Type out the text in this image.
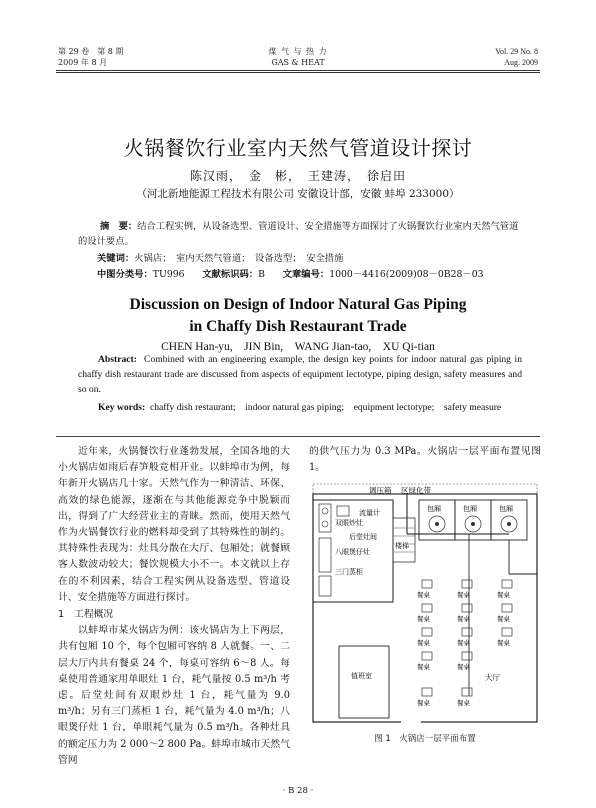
第 29 卷　第 8 期
2009 年 8 月
煤 气 与 热 力
GAS & HEAT
Vol. 29 No. 8
Aug. 2009
火锅餐饮行业室内天然气管道设计探讨
陈汉雨，　金　彬，　王建涛，　徐启田
（河北新地能源工程技术有限公司 安徽设计部，安徽 蚌埠 233000）
摘　要：结合工程实例，从设备选型、管道设计、安全措施等方面探讨了火锅餐饮行业室内天然气管道的设计要点。
关键词：火锅店；　室内天然气管道；　设备选型；　安全措施
中图分类号：TU996 文献标识码：B 文章编号：1000－4416(2009)08－0B28－03
Discussion on Design of Indoor Natural Gas Piping
in Chaffy Dish Restaurant Trade
CHEN Han-yu,　JIN Bin,　WANG Jian-tao,　XU Qi-tian
Abstract: Combined with an engineering example, the design key points for indoor natural gas piping in chaffy dish restaurant trade are discussed from aspects of equipment lectotype, piping design, safety measures and so on.
Key words: chaffy dish restaurant;　indoor natural gas piping;　equipment lectotype;　safety measure

近年来，火锅餐饮行业蓬勃发展，全国各地的大小火锅店如雨后春笋般竞相开业。以蚌埠市为例，每年新开火锅店几十家。天然气作为一种清洁、环保、高效的绿色能源，逐渐在与其他能源竞争中脱颖而出，得到了广大经营业主的青睐。然而，使用天然气作为火锅餐饮行业的燃料却受到了其特殊性的制约。其特殊性表现为：灶具分散在大厅、包厢处；就餐顾客人数波动较大；餐饮规模大小不一。本文就以上存在的不利因素，结合工程实例从设备选型、管道设计、安全措施等方面进行探讨。

1　工程概况

以蚌埠市某火锅店为例：该火锅店为上下两层，共有包厢 10 个，每个包厢可容纳 8 人就餐。一、二层大厅内共有餐桌 24 个，每桌可容纳 6～8 人。每桌使用普通家用单眼灶 1 台，耗气量按 0.5 m³/h 考虑。后堂灶间有双眼炒灶 1 台，耗气量为 9.0 m³/h；另有三门蒸柜 1 台，耗气量为 4.0 m³/h；八眼煲仔灶 1 台，单眼耗气量为 0.5 m³/h。各种灶具的额定压力为 2 000～2 800 Pa。蚌埠市城市天然气管网

的供气压力为 0.3 MPa。火锅店一层平面布置见图 1。

调压箱 区绿化带
流量计
双眼炒灶
后堂灶间
八眼煲仔灶
三门蒸柜
楼梯
包厢	包厢	包厢
值班室
餐桌	餐桌	餐桌
餐桌	餐桌	餐桌
餐桌	餐桌	餐桌
餐桌	餐桌
餐桌	餐桌
大厅
图 1　火锅店一层平面布置
· B 28 ·
